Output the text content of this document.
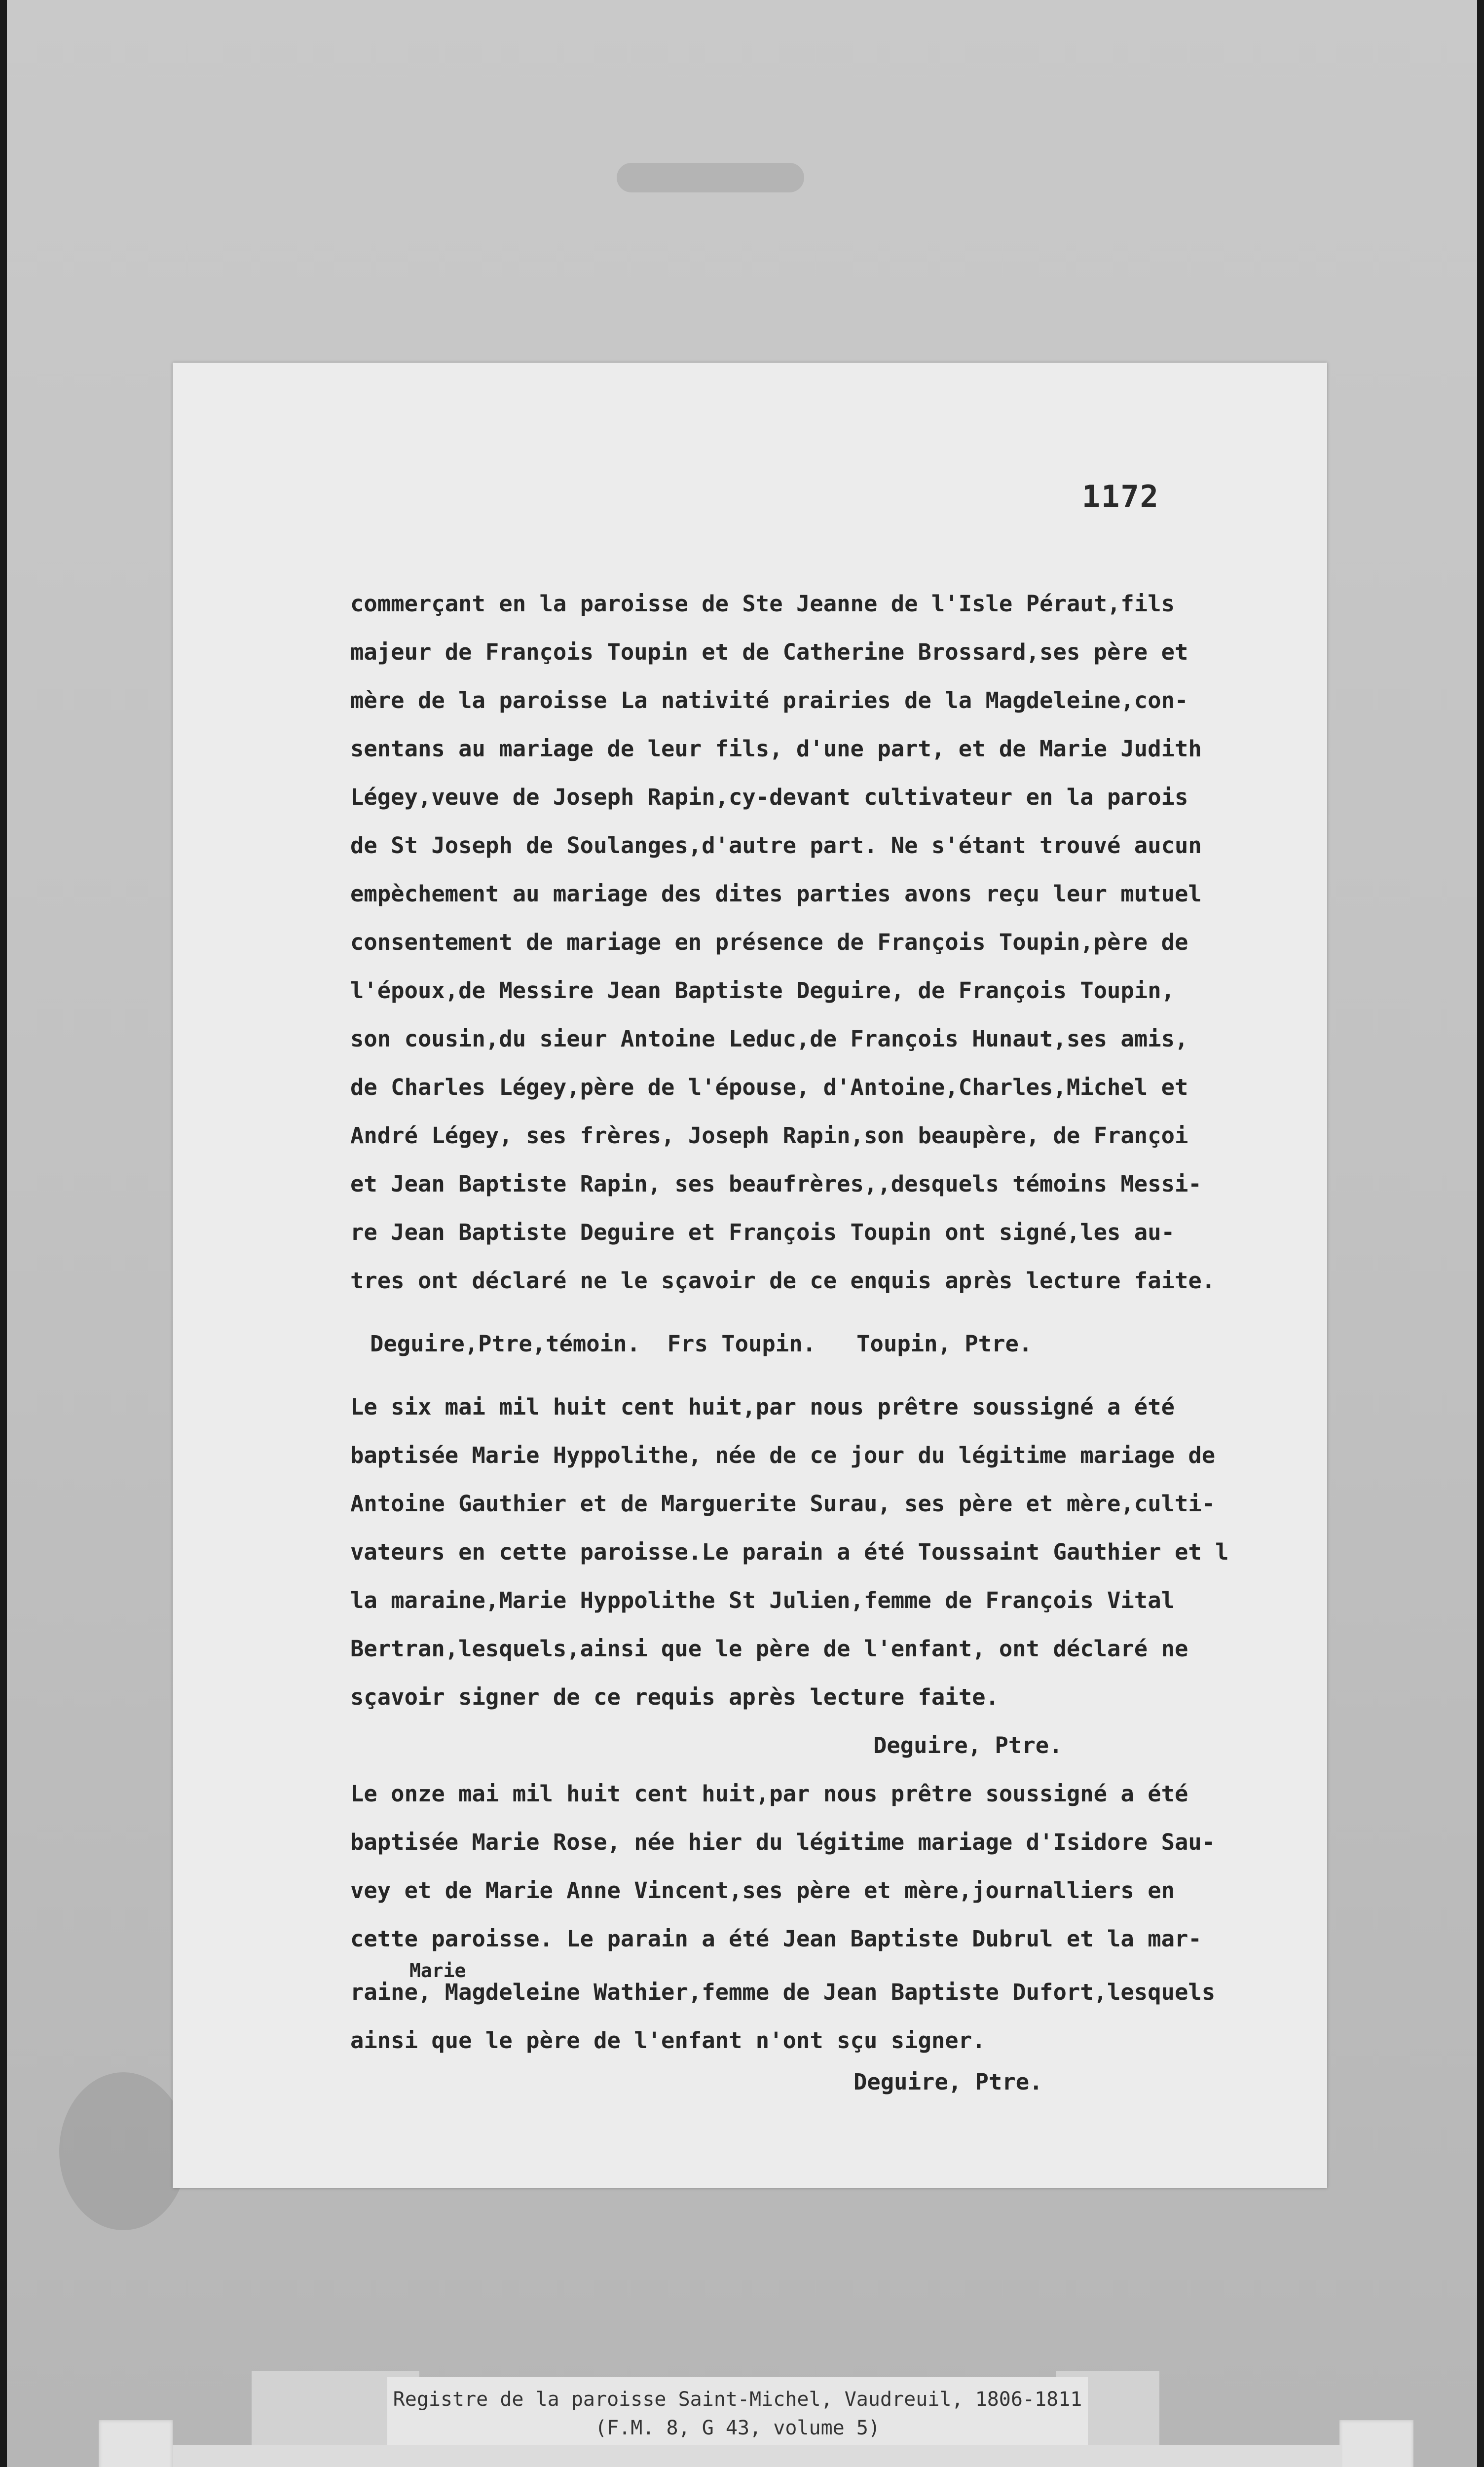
1172
commerçant en la paroisse de Ste Jeanne de l'Isle Péraut,fils
majeur de François Toupin et de Catherine Brossard,ses père et
mère de la paroisse La nativité prairies de la Magdeleine,con-
sentans au mariage de leur fils, d'une part, et de Marie Judith
Légey,veuve de Joseph Rapin,cy-devant cultivateur en la parois
de St Joseph de Soulanges,d'autre part. Ne s'étant trouvé aucun
empèchement au mariage des dites parties avons reçu leur mutuel
consentement de mariage en présence de François Toupin,père de
l'époux,de Messire Jean Baptiste Deguire, de François Toupin,
son cousin,du sieur Antoine Leduc,de François Hunaut,ses amis,
de Charles Légey,père de l'épouse, d'Antoine,Charles,Michel et
André Légey, ses frères, Joseph Rapin,son beaupère, de Françoi
et Jean Baptiste Rapin, ses beaufrères,,desquels témoins Messi-
re Jean Baptiste Deguire et François Toupin ont signé,les au-
tres ont déclaré ne le sçavoir de ce enquis après lecture faite.
Deguire,Ptre,témoin.  Frs Toupin.   Toupin, Ptre.
Le six mai mil huit cent huit,par nous prêtre soussigné a été
baptisée Marie Hyppolithe, née de ce jour du légitime mariage de
Antoine Gauthier et de Marguerite Surau, ses père et mère,culti-
vateurs en cette paroisse.Le parain a été Toussaint Gauthier et l
la maraine,Marie Hyppolithe St Julien,femme de François Vital
Bertran,lesquels,ainsi que le père de l'enfant, ont déclaré ne
sçavoir signer de ce requis après lecture faite.
Deguire, Ptre.
Le onze mai mil huit cent huit,par nous prêtre soussigné a été
baptisée Marie Rose, née hier du légitime mariage d'Isidore Sau-
vey et de Marie Anne Vincent,ses père et mère,journalliers en
cette paroisse. Le parain a été Jean Baptiste Dubrul et la mar-
Marie
raine, Magdeleine Wathier,femme de Jean Baptiste Dufort,lesquels
ainsi que le père de l'enfant n'ont sçu signer.
Deguire, Ptre.
Registre de la paroisse Saint-Michel, Vaudreuil, 1806-1811
(F.M. 8, G 43, volume 5)
